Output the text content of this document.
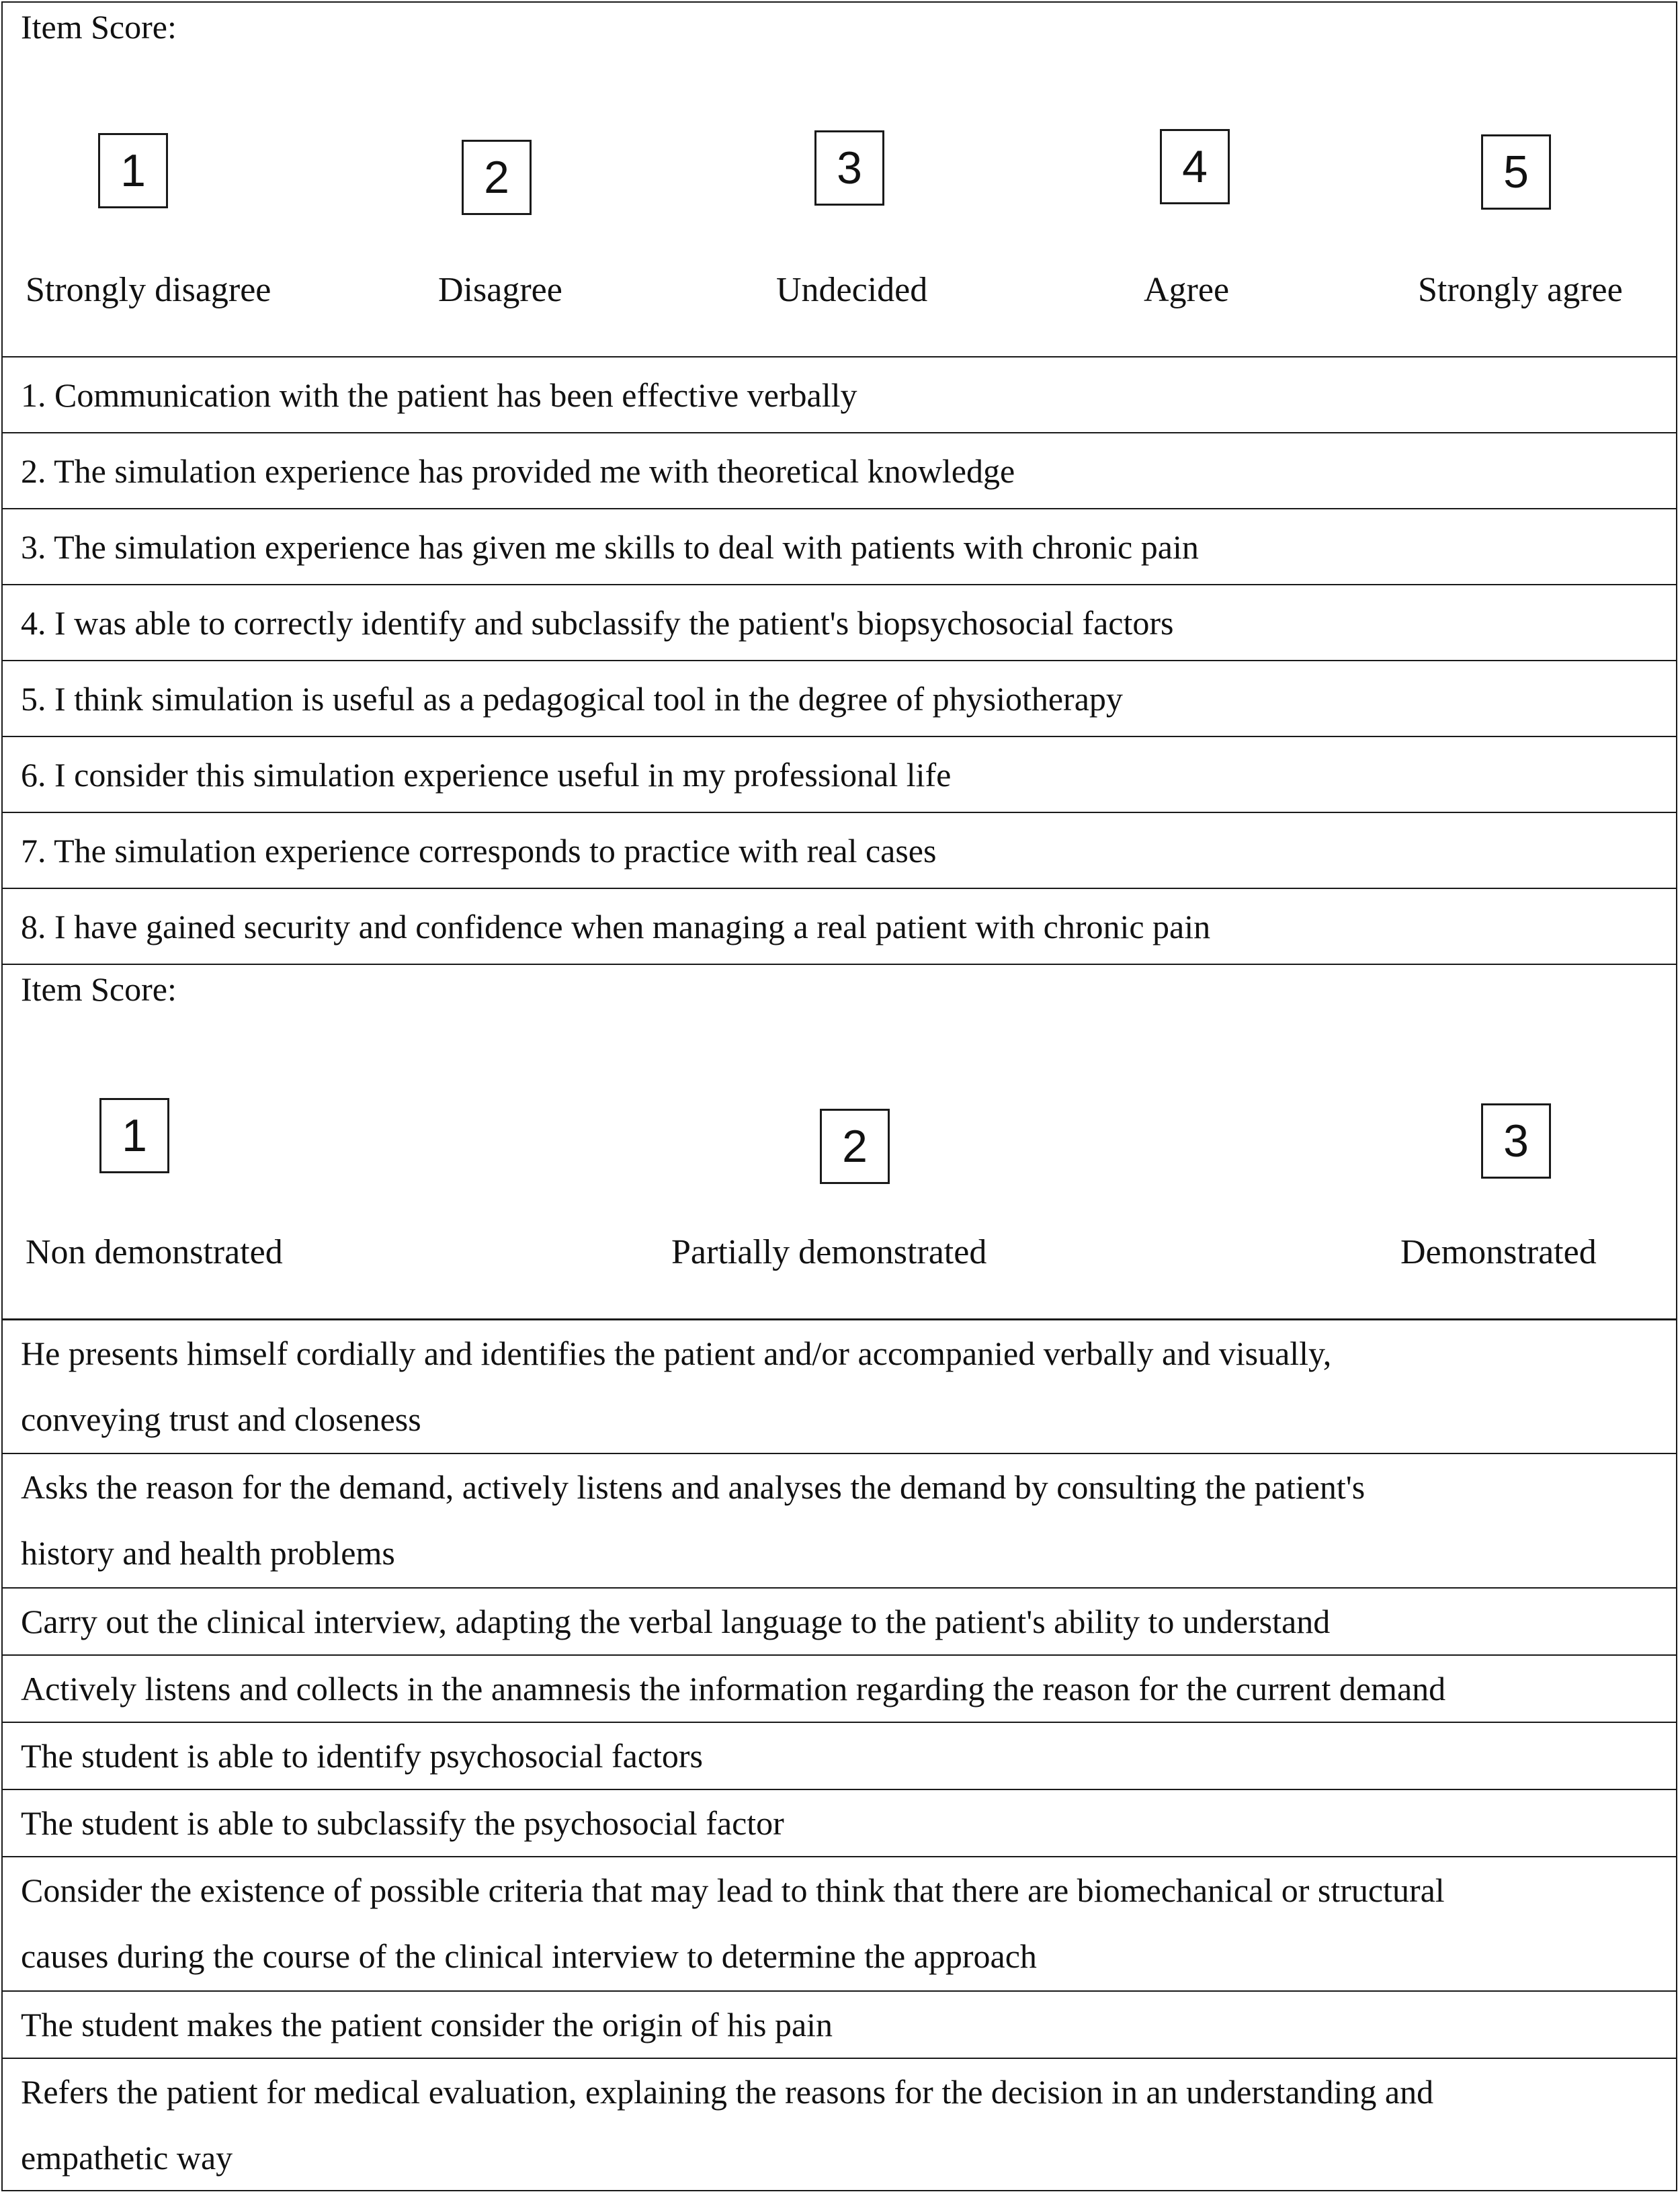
Item Score:
1	2	3	4	5
Strongly disagree	Disagree	Undecided	Agree	Strongly agree
1. Communication with the patient has been effective verbally
2. The simulation experience has provided me with theoretical knowledge
3. The simulation experience has given me skills to deal with patients with chronic pain
4. I was able to correctly identify and subclassify the patient's biopsychosocial factors
5. I think simulation is useful as a pedagogical tool in the degree of physiotherapy
6. I consider this simulation experience useful in my professional life
7. The simulation experience corresponds to practice with real cases
8. I have gained security and confidence when managing a real patient with chronic pain
Item Score:
1	2	3
Non demonstrated	Partially demonstrated	Demonstrated
He presents himself cordially and identifies the patient and/or accompanied verbally and visually,
conveying trust and closeness
Asks the reason for the demand, actively listens and analyses the demand by consulting the patient's
history and health problems
Carry out the clinical interview, adapting the verbal language to the patient's ability to understand
Actively listens and collects in the anamnesis the information regarding the reason for the current demand
The student is able to identify psychosocial factors
The student is able to subclassify the psychosocial factor
Consider the existence of possible criteria that may lead to think that there are biomechanical or structural
causes during the course of the clinical interview to determine the approach
The student makes the patient consider the origin of his pain
Refers the patient for medical evaluation, explaining the reasons for the decision in an understanding and
empathetic way
